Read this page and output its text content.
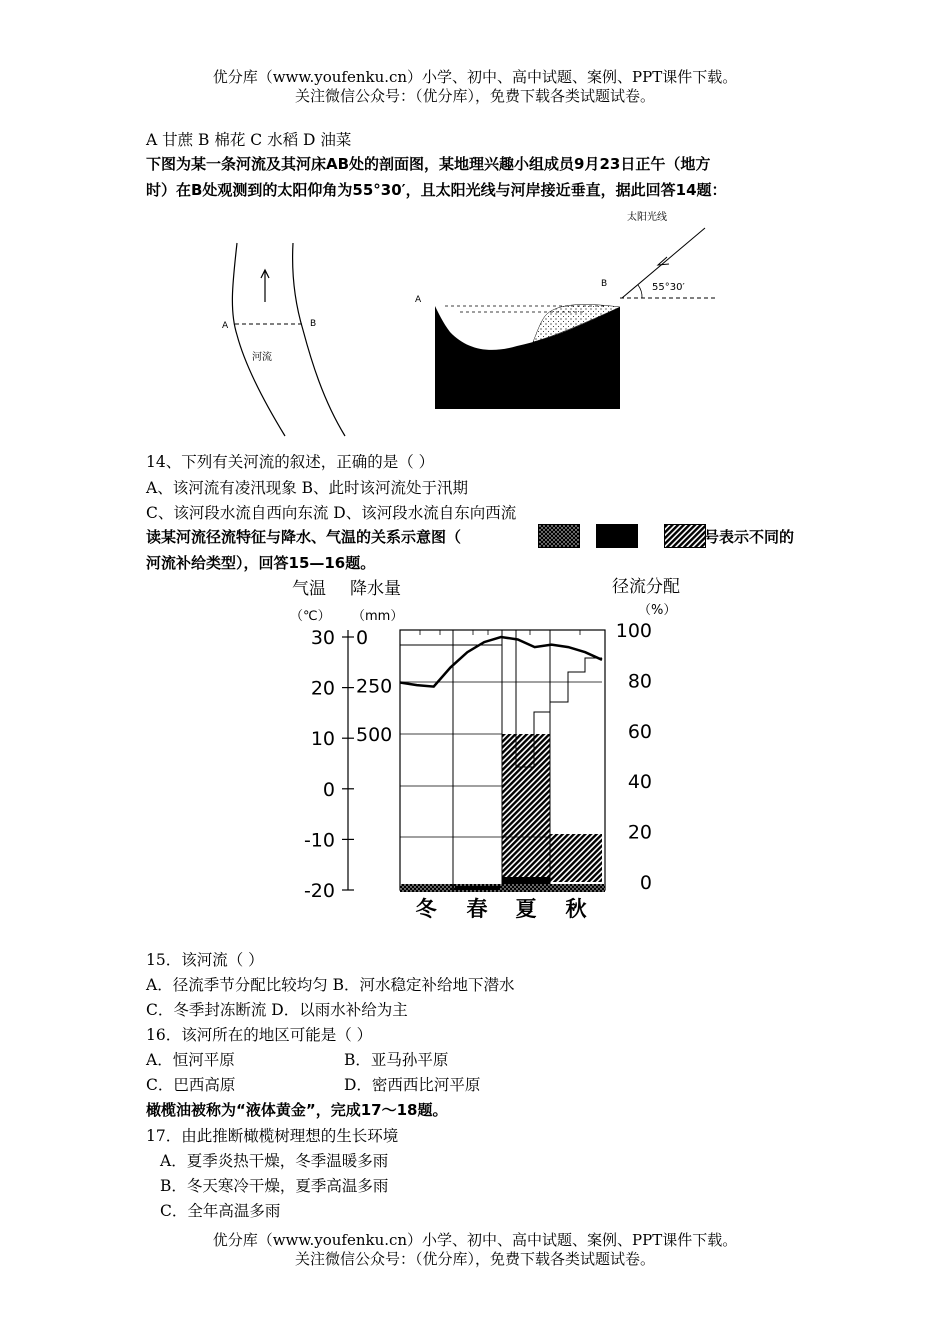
优分库（www.youfenku.cn）小学、初中、高中试题、案例、PPT课件下载。
关注微信公众号：（优分库），免费下载各类试题试卷。
A 甘蔗 B 棉花 C 水稻 D 油菜
下图为某一条河流及其河床AB处的剖面图，某地理兴趣小组成员9月23日正午（地方
时）在B处观测到的太阳仰角为55°30′，且太阳光线与河岸接近垂直，据此回答14题：
A	B
河流
A
B
太阳光线
55°30′
14、下列有关河流的叙述，正确的是（ ）
A、该河流有凌汛现象 B、此时该河流处于汛期
C、该河段水流自西向东流 D、该河段水流自东向西流
读某河流径流特征与降水、气温的关系示意图（	号表示不同的
河流补给类型），回答15—16题。
气温
（℃）
降水量
（mm）
径流分配
（%）
30
20
10
0
-10
-20
0
250
500
100
80
60
40
20
0
冬 春 夏 秋
15．该河流（ ）
A．径流季节分配比较均匀 B．河水稳定补给地下潜水
C．冬季封冻断流 D．以雨水补给为主
16．该河所在的地区可能是（ ）
A．恒河平原	B．亚马孙平原
C．巴西高原	D．密西西比河平原
橄榄油被称为“液体黄金”，完成17～18题。
17．由此推断橄榄树理想的生长环境
A．夏季炎热干燥，冬季温暖多雨
B．冬天寒冷干燥，夏季高温多雨
C．全年高温多雨
优分库（www.youfenku.cn）小学、初中、高中试题、案例、PPT课件下载。
关注微信公众号：（优分库），免费下载各类试题试卷。
